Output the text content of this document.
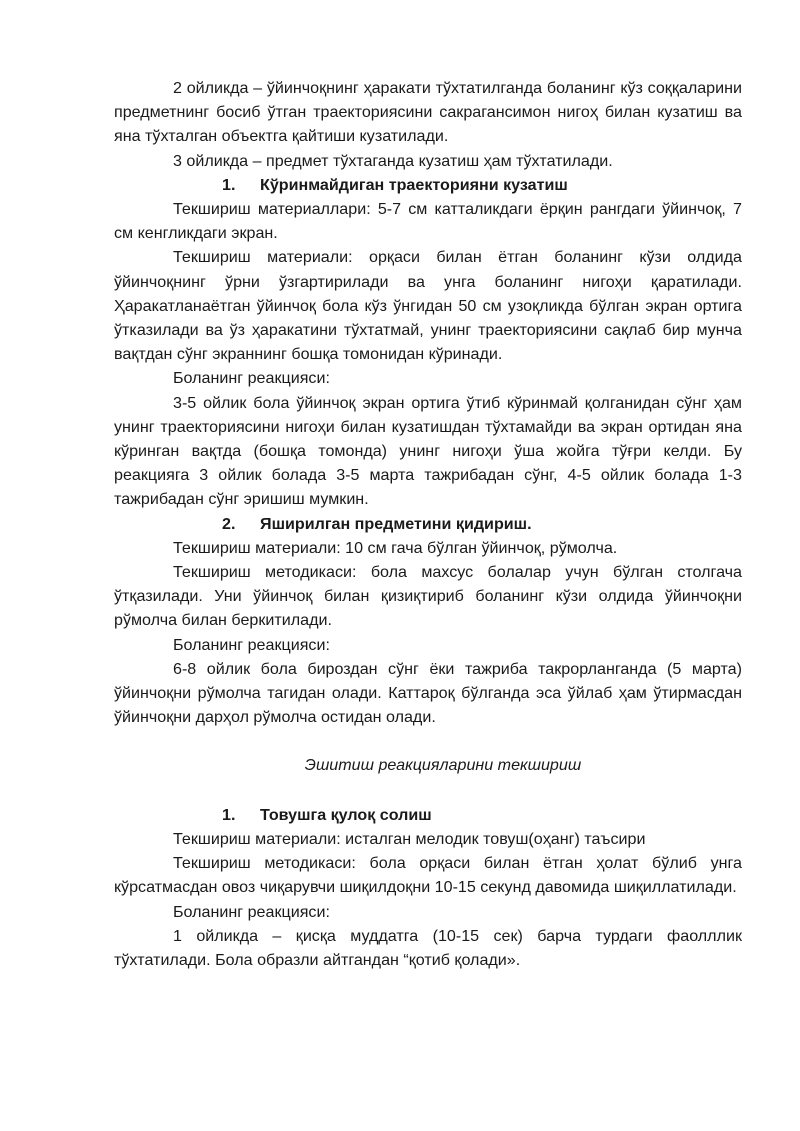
2 ойликда – ўйинчоқнинг ҳаракати тўхтатилганда боланинг кўз соққаларини предметнинг босиб ўтган траекториясини сакрагансимон нигоҳ билан кузатиш ва яна тўхталган объектга қайтиши кузатилади.

3 ойликда – предмет тўхтаганда кузатиш ҳам тўхтатилади.

1.	Кўринмайдиган траекторияни кузатиш

Текшириш материаллари: 5-7 см катталикдаги ёрқин рангдаги ўйинчоқ, 7 см кенгликдаги экран.

Текшириш материали: орқаси билан ётган боланинг кўзи олдида ўйинчоқнинг ўрни ўзгартирилади ва унга боланинг нигоҳи қаратилади. Ҳаракатланаётган ўйинчоқ бола кўз ўнгидан 50 см узоқликда бўлган экран ортига ўтказилади ва ўз ҳаракатини тўхтатмай, унинг траекториясини сақлаб бир мунча вақтдан сўнг экраннинг бошқа томонидан кўринади.

Боланинг реакцияси:

3-5 ойлик бола ўйинчоқ экран ортига ўтиб кўринмай қолганидан сўнг ҳам унинг траекториясини нигоҳи билан кузатишдан тўхтамайди ва экран ортидан яна кўринган вақтда (бошқа томонда) унинг нигоҳи ўша жойга тўғри келди. Бу реакцияга 3 ойлик болада 3-5 марта тажрибадан сўнг, 4-5 ойлик болада 1-3 тажрибадан сўнг эришиш мумкин.

2.	Яширилган предметини қидириш.

Текшириш материали: 10 см гача бўлган ўйинчоқ, рўмолча.

Текшириш методикаси: бола махсус болалар учун бўлган столгача ўтқазилади. Уни ўйинчоқ билан қизиқтириб боланинг кўзи олдида ўйинчоқни рўмолча билан беркитилади.

Боланинг реакцияси:

6-8 ойлик бола бироздан сўнг ёки тажриба такрорланганда (5 марта) ўйинчоқни рўмолча тагидан олади. Каттароқ бўлганда эса ўйлаб ҳам ўтирмасдан ўйинчоқни дарҳол рўмолча остидан олади.

Эшитиш реакцияларини текшириш

1.	Товушга қулоқ солиш

Текшириш материали: исталган мелодик товуш(оҳанг) таъсири

Текшириш методикаси: бола орқаси билан ётган ҳолат бўлиб унга кўрсатмасдан овоз чиқарувчи шиқилдоқни 10-15 секунд давомида шиқиллатилади.

Боланинг реакцияси:

1 ойликда – қисқа муддатга (10-15 сек) барча турдаги фаолллик тўхтатилади. Бола образли айтгандан “қотиб қолади».
